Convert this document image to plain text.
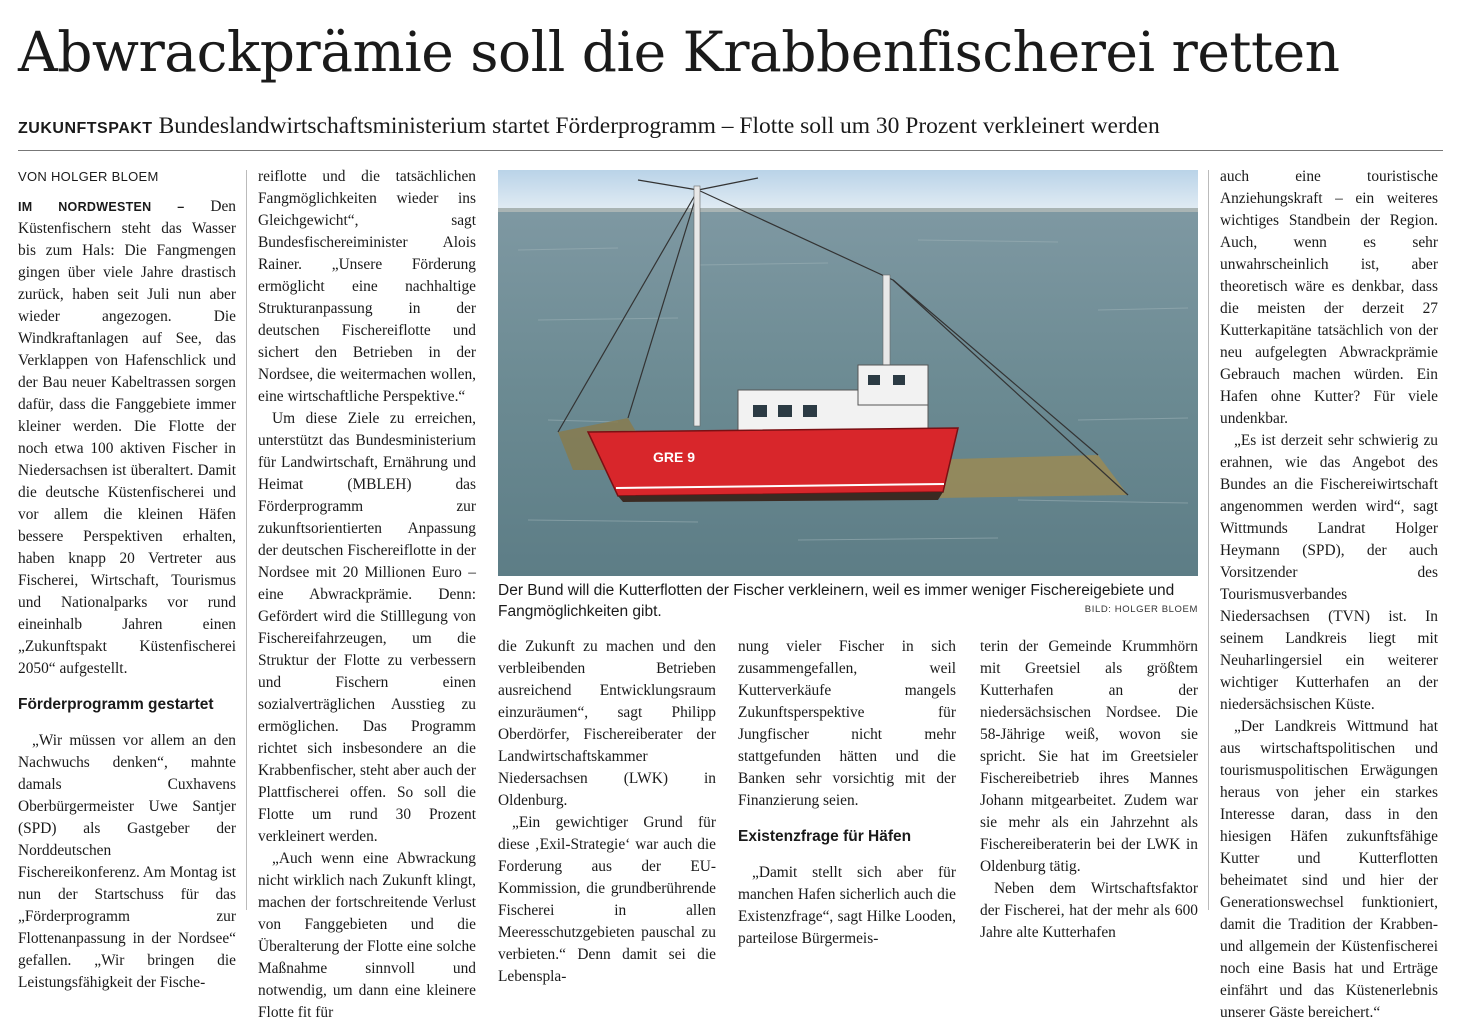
Abwrackprämie soll die Krabbenfischerei retten
ZUKUNFTSPAKT Bundeslandwirtschaftsministerium startet Förderprogramm – Flotte soll um 30 Prozent verkleinert werden
VON HOLGER BLOEM

IM NORDWESTEN – Den Küstenfischern steht das Wasser bis zum Hals: Die Fangmengen gingen über viele Jahre drastisch zurück, haben seit Juli nun aber wieder angezogen. Die Windkraftanlagen auf See, das Verklappen von Hafenschlick und der Bau neuer Kabeltrassen sorgen dafür, dass die Fanggebiete immer kleiner werden. Die Flotte der noch etwa 100 aktiven Fischer in Niedersachsen ist überaltert. Damit die deutsche Küstenfischerei und vor allem die kleinen Häfen bessere Perspektiven erhalten, haben knapp 20 Vertreter aus Fischerei, Wirtschaft, Tourismus und Nationalparks vor rund eineinhalb Jahren einen „Zukunftspakt Küstenfischerei 2050“ aufgestellt.

Förderprogramm gestartet

„Wir müssen vor allem an den Nachwuchs denken“, mahnte damals Cuxhavens Oberbürgermeister Uwe Santjer (SPD) als Gastgeber der Norddeutschen Fischereikonferenz. Am Montag ist nun der Startschuss für das „Förderprogramm zur Flottenanpassung in der Nordsee“ gefallen. „Wir bringen die Leistungsfähigkeit der Fische-

reiflotte und die tatsächlichen Fangmöglichkeiten wieder ins Gleichgewicht“, sagt Bundesfischereiminister Alois Rainer. „Unsere Förderung ermöglicht eine nachhaltige Strukturanpassung in der deutschen Fischereiflotte und sichert den Betrieben in der Nordsee, die weitermachen wollen, eine wirtschaftliche Perspektive.“

Um diese Ziele zu erreichen, unterstützt das Bundesministerium für Landwirtschaft, Ernährung und Heimat (MBLEH) das Förderprogramm zur zukunftsorientierten Anpassung der deutschen Fischereiflotte in der Nordsee mit 20 Millionen Euro – eine Abwrackprämie. Denn: Gefördert wird die Stilllegung von Fischereifahrzeugen, um die Struktur der Flotte zu verbessern und Fischern einen sozialverträglichen Ausstieg zu ermöglichen. Das Programm richtet sich insbesondere an die Krabbenfischer, steht aber auch der Plattfischerei offen. So soll die Flotte um rund 30 Prozent verkleinert werden.

„Auch wenn eine Abwrackung nicht wirklich nach Zukunft klingt, machen der fortschreitende Verlust von Fanggebieten und die Überalterung der Flotte eine solche Maßnahme sinnvoll und notwendig, um dann eine kleinere Flotte fit für

GRE 9
Der Bund will die Kutterflotten der Fischer verkleinern, weil es immer weniger Fischereigebiete und Fangmöglichkeiten gibt.	BILD: HOLGER BLOEM

die Zukunft zu machen und den verbleibenden Betrieben ausreichend Entwicklungsraum einzuräumen“, sagt Philipp Oberdörfer, Fischereiberater der Landwirtschaftskammer Niedersachsen (LWK) in Oldenburg.

„Ein gewichtiger Grund für diese ‚Exil-Strategie‘ war auch die Forderung aus der EU-Kommission, die grundberührende Fischerei in allen Meeresschutzgebieten pauschal zu verbieten.“ Denn damit sei die Lebenspla-

nung vieler Fischer in sich zusammengefallen, weil Kutterverkäufe mangels Zukunftsperspektive für Jungfischer nicht mehr stattgefunden hätten und die Banken sehr vorsichtig mit der Finanzierung seien.

Existenzfrage für Häfen

„Damit stellt sich aber für manchen Hafen sicherlich auch die Existenzfrage“, sagt Hilke Looden, parteilose Bürgermeis-

terin der Gemeinde Krummhörn mit Greetsiel als größtem Kutterhafen an der niedersächsischen Nordsee. Die 58-Jährige weiß, wovon sie spricht. Sie hat im Greetsieler Fischereibetrieb ihres Mannes Johann mitgearbeitet. Zudem war sie mehr als ein Jahrzehnt als Fischereiberaterin bei der LWK in Oldenburg tätig.

Neben dem Wirtschaftsfaktor der Fischerei, hat der mehr als 600 Jahre alte Kutterhafen

auch eine touristische Anziehungskraft – ein weiteres wichtiges Standbein der Region. Auch, wenn es sehr unwahrscheinlich ist, aber theoretisch wäre es denkbar, dass die meisten der derzeit 27 Kutterkapitäne tatsächlich von der neu aufgelegten Abwrackprämie Gebrauch machen würden. Ein Hafen ohne Kutter? Für viele undenkbar.

„Es ist derzeit sehr schwierig zu erahnen, wie das Angebot des Bundes an die Fischereiwirtschaft angenommen werden wird“, sagt Wittmunds Landrat Holger Heymann (SPD), der auch Vorsitzender des Tourismusverbandes Niedersachsen (TVN) ist. In seinem Landkreis liegt mit Neuharlingersiel ein weiterer wichtiger Kutterhafen an der niedersächsischen Küste.

„Der Landkreis Wittmund hat aus wirtschaftspolitischen und tourismuspolitischen Erwägungen heraus von jeher ein starkes Interesse daran, dass in den hiesigen Häfen zukunftsfähige Kutter und Kutterflotten beheimatet sind und hier der Generationswechsel funktioniert, damit die Tradition der Krabben- und allgemein der Küstenfischerei noch eine Basis hat und Erträge einfährt und das Küstenerlebnis unserer Gäste bereichert.“
